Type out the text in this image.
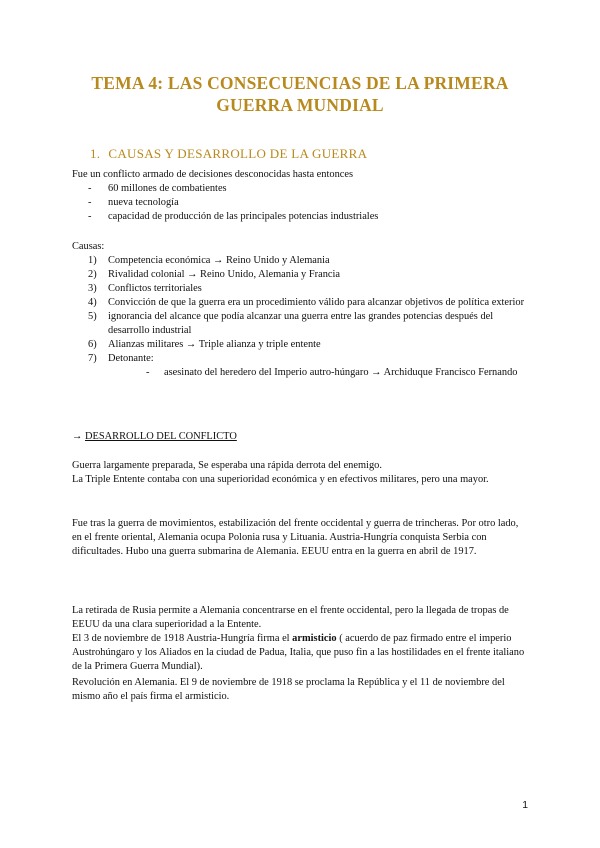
TEMA 4: LAS CONSECUENCIAS DE LA PRIMERA
GUERRA MUNDIAL
1. CAUSAS Y DESARROLLO DE LA GUERRA
Fue un conflicto armado de decisiones desconocidas hasta entonces
- 60 millones de combatientes
- nueva tecnología
- capacidad de producción de las principales potencias industriales
Causas:
1) Competencia económica → Reino Unido y Alemania
2) Rivalidad colonial → Reino Unido, Alemania y Francia
3) Conflictos territoriales
4) Convicción de que la guerra era un procedimiento válido para alcanzar objetivos de política exterior
5) ignorancia del alcance que podía alcanzar una guerra entre las grandes potencias después del desarrollo industrial
6) Alianzas militares → Triple alianza y triple entente
7) Detonante:
- asesinato del heredero del Imperio autro-húngaro → Archiduque Francisco Fernando
→ DESARROLLO DEL CONFLICTO
Guerra largamente preparada, Se esperaba una rápida derrota del enemigo.
La Triple Entente contaba con una superioridad económica y en efectivos militares, pero una mayor.
Fue tras la guerra de movimientos, estabilización del frente occidental y guerra de trincheras. Por otro lado, en el frente oriental, Alemania ocupa Polonia rusa y Lituania. Austria-Hungría conquista Serbia con dificultades. Hubo una guerra submarina de Alemania. EEUU entra en la guerra en abril de 1917.
La retirada de Rusia permite a Alemania concentrarse en el frente occidental, pero la llegada de tropas de EEUU da una clara superioridad a la Entente.
El 3 de noviembre de 1918 Austria-Hungría firma el armisticio ( acuerdo de paz firmado entre el imperio Austrohúngaro y los Aliados en la ciudad de Padua, Italia, que puso fin a las hostilidades en el frente italiano de la Primera Guerra Mundial).
Revolución en Alemania. El 9 de noviembre de 1918 se proclama la República y el 11 de noviembre del mismo año el país firma el armisticio.
1
